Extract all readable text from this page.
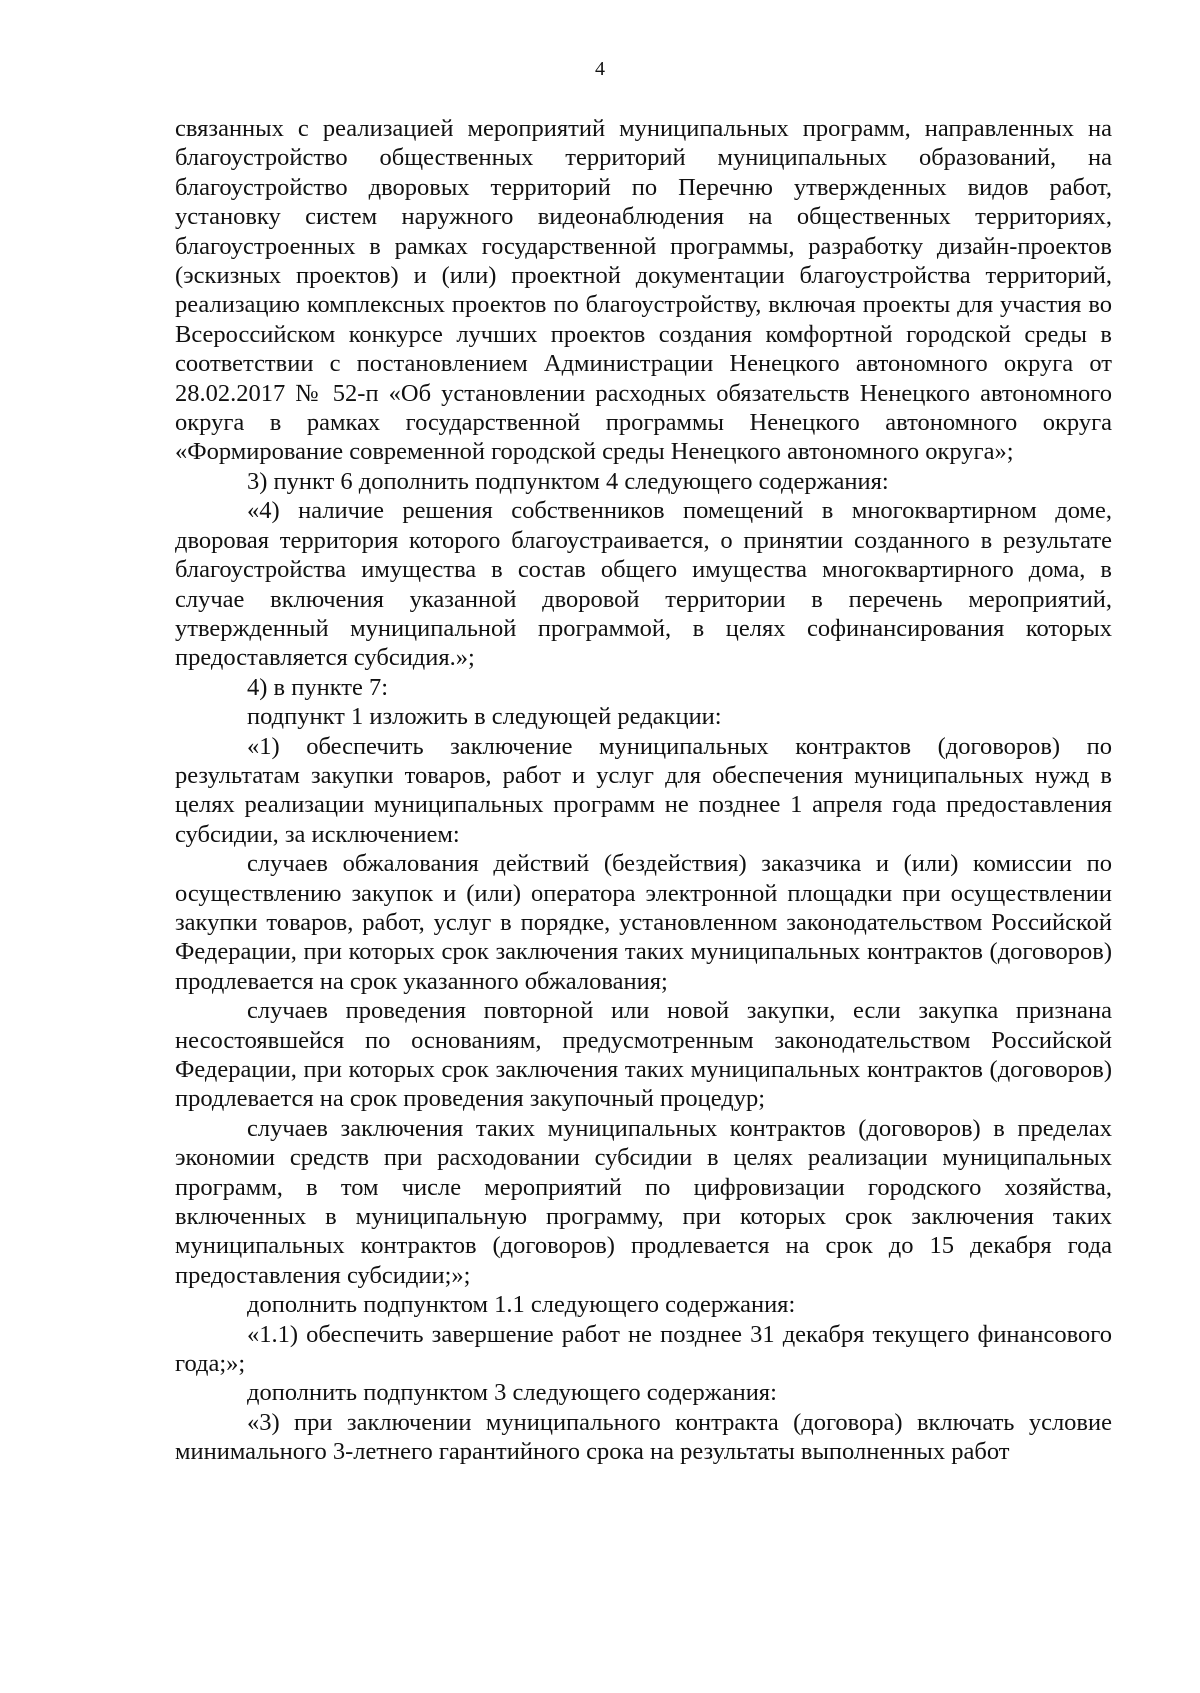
4

связанных с реализацией мероприятий муниципальных программ, направленных на благоустройство общественных территорий муниципальных образований, на благоустройство дворовых территорий по Перечню утвержденных видов работ, установку систем наружного видеонаблюдения на общественных территориях, благоустроенных в рамках государственной программы, разработку дизайн-проектов (эскизных проектов) и (или) проектной документации благоустройства территорий, реализацию комплексных проектов по благоустройству, включая проекты для участия во Всероссийском конкурсе лучших проектов создания комфортной городской среды в соответствии с постановлением Администрации Ненецкого автономного округа от 28.02.2017 № 52-п «Об установлении расходных обязательств Ненецкого автономного округа в рамках государственной программы Ненецкого автономного округа «Формирование современной городской среды Ненецкого автономного округа»;

3) пункт 6 дополнить подпунктом 4 следующего содержания:

«4) наличие решения собственников помещений в многоквартирном доме, дворовая территория которого благоустраивается, о принятии созданного в результате благоустройства имущества в состав общего имущества многоквартирного дома, в случае включения указанной дворовой территории в перечень мероприятий, утвержденный муниципальной программой, в целях софинансирования которых предоставляется субсидия.»;

4) в пункте 7:

подпункт 1 изложить в следующей редакции:

«1) обеспечить заключение муниципальных контрактов (договоров) по результатам закупки товаров, работ и услуг для обеспечения муниципальных нужд в целях реализации муниципальных программ не позднее 1 апреля года предоставления субсидии, за исключением:

случаев обжалования действий (бездействия) заказчика и (или) комиссии по осуществлению закупок и (или) оператора электронной площадки при осуществлении закупки товаров, работ, услуг в порядке, установленном законодательством Российской Федерации, при которых срок заключения таких муниципальных контрактов (договоров) продлевается на срок указанного обжалования;

случаев проведения повторной или новой закупки, если закупка признана несостоявшейся по основаниям, предусмотренным законодательством Российской Федерации, при которых срок заключения таких муниципальных контрактов (договоров) продлевается на срок проведения закупочный процедур;

случаев заключения таких муниципальных контрактов (договоров) в пределах экономии средств при расходовании субсидии в целях реализации муниципальных программ, в том числе мероприятий по цифровизации городского хозяйства, включенных в муниципальную программу, при которых срок заключения таких муниципальных контрактов (договоров) продлевается на срок до 15 декабря года предоставления субсидии;»;

дополнить подпунктом 1.1 следующего содержания:

«1.1) обеспечить завершение работ не позднее 31 декабря текущего финансового года;»;

дополнить подпунктом 3 следующего содержания:

«3) при заключении муниципального контракта (договора) включать условие минимального 3-летнего гарантийного срока на результаты выполненных работ
